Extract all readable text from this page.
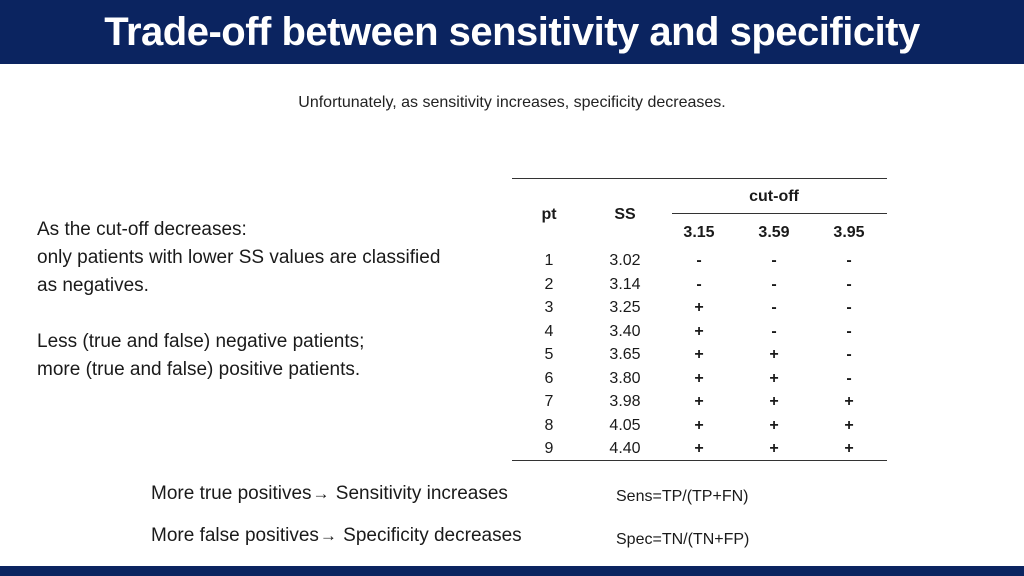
Trade-off between sensitivity and specificity
Unfortunately, as sensitivity increases, specificity decreases.
As the cut-off decreases:
only patients with lower SS values are classified
as negatives.
Less (true and false) negative patients;
more (true and false) positive patients.
pt	SS
cut-off
3.15	3.59	3.95
1	3.02	-	-	-
2	3.14	-	-	-
3	3.25	+	-	-
4	3.40	+	-	-
5	3.65	+	+	-
6	3.80	+	+	-
7	3.98	+	+	+
8	4.05	+	+	+
9	4.40	+	+	+
More true positives→ Sensitivity increases
More false positives→ Specificity decreases
Sens=TP/(TP+FN)
Spec=TN/(TN+FP)
